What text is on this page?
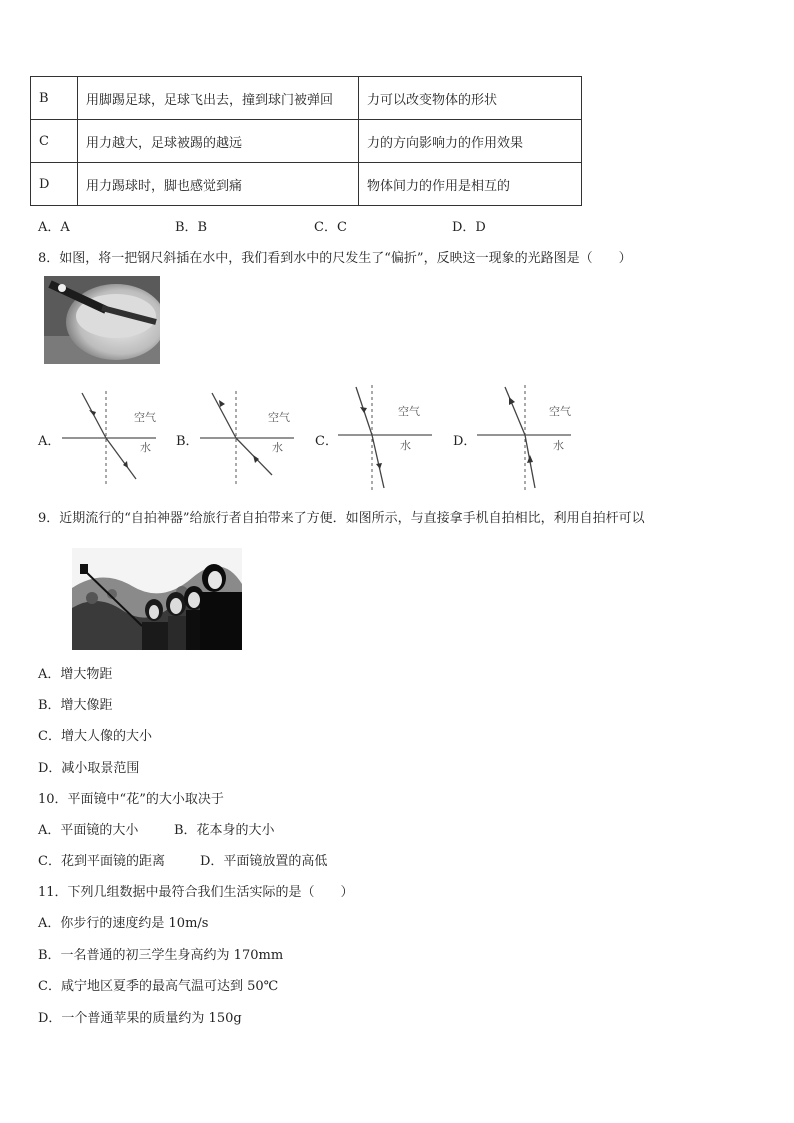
B	用脚踢足球，足球飞出去，撞到球门被弹回	力可以改变物体的形状
C	用力越大，足球被踢的越远	力的方向影响力的作用效果
D	用力踢球时，脚也感觉到痛	物体间力的作用是相互的
A．A	B．B	C．C	D．D
8．如图，将一把钢尺斜插在水中，我们看到水中的尺发生了“偏折”，反映这一现象的光路图是（　　）
A．	B．	C．	D．
空气
水
空气
水
空气
水
空气
水
9．近期流行的“自拍神器”给旅行者自拍带来了方便．如图所示，与直接拿手机自拍相比，利用自拍杆可以
A．增大物距
B．增大像距
C．增大人像的大小
D．减小取景范围
10．平面镜中“花”的大小取决于
A．平面镜的大小	B．花本身的大小
C．花到平面镜的距离	D．平面镜放置的高低
11．下列几组数据中最符合我们生活实际的是（　　）
A．你步行的速度约是 10m/s
B．一名普通的初三学生身高约为 170mm
C．咸宁地区夏季的最高气温可达到 50℃
D．一个普通苹果的质量约为 150g
